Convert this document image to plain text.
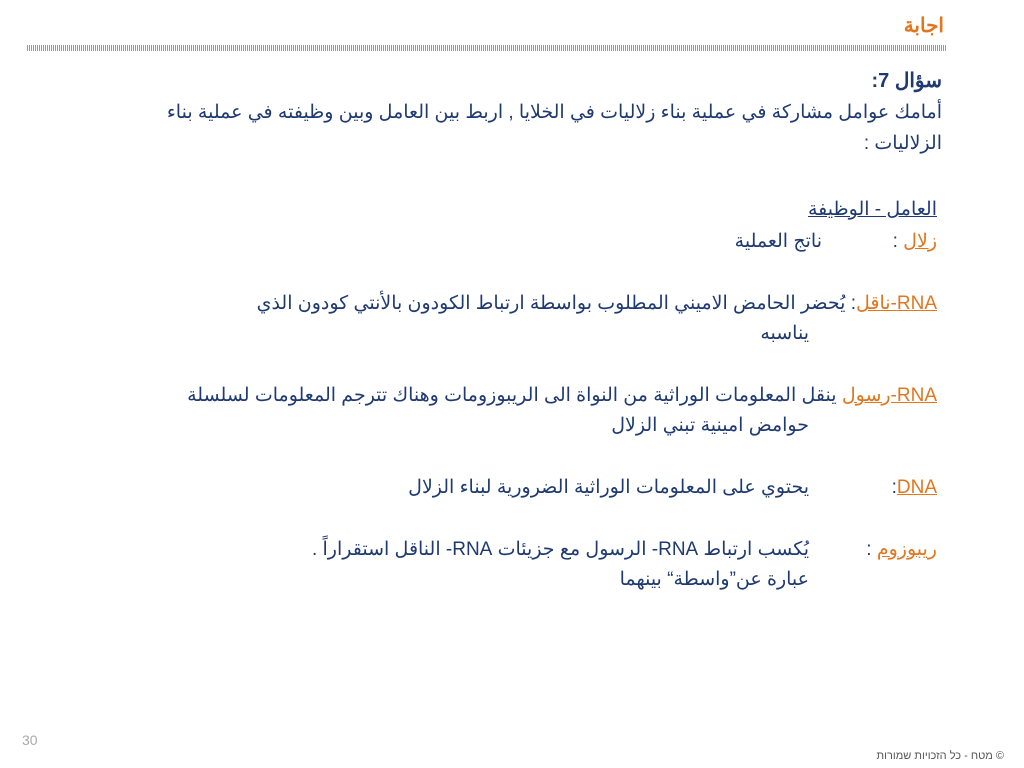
اجابة
سؤال 7:
أمامك عوامل مشاركة في عملية بناء زلاليات في الخلايا , اربط بين العامل وبين وظيفته في عملية بناء
الزلاليات :
العامل - الوظيفة
زلال :
ناتج العملية
RNA-ناقل: يُحضر الحامض الاميني المطلوب بواسطة ارتباط الكودون بالأنتي كودون الذي
يناسبه
RNA-رسول ينقل المعلومات الوراثية من النواة الى الريبوزومات وهناك تترجم المعلومات لسلسلة
حوامض امينية تبني الزلال
DNA:
يحتوي على المعلومات الوراثية الضرورية لبناء الزلال
ريبوزوم :
يُكسب ارتباط RNA- الرسول مع جزيئات RNA- الناقل استقراراً .
عبارة عن”واسطة“ بينهما
30
© מטח - כל הזכויות שמורות
